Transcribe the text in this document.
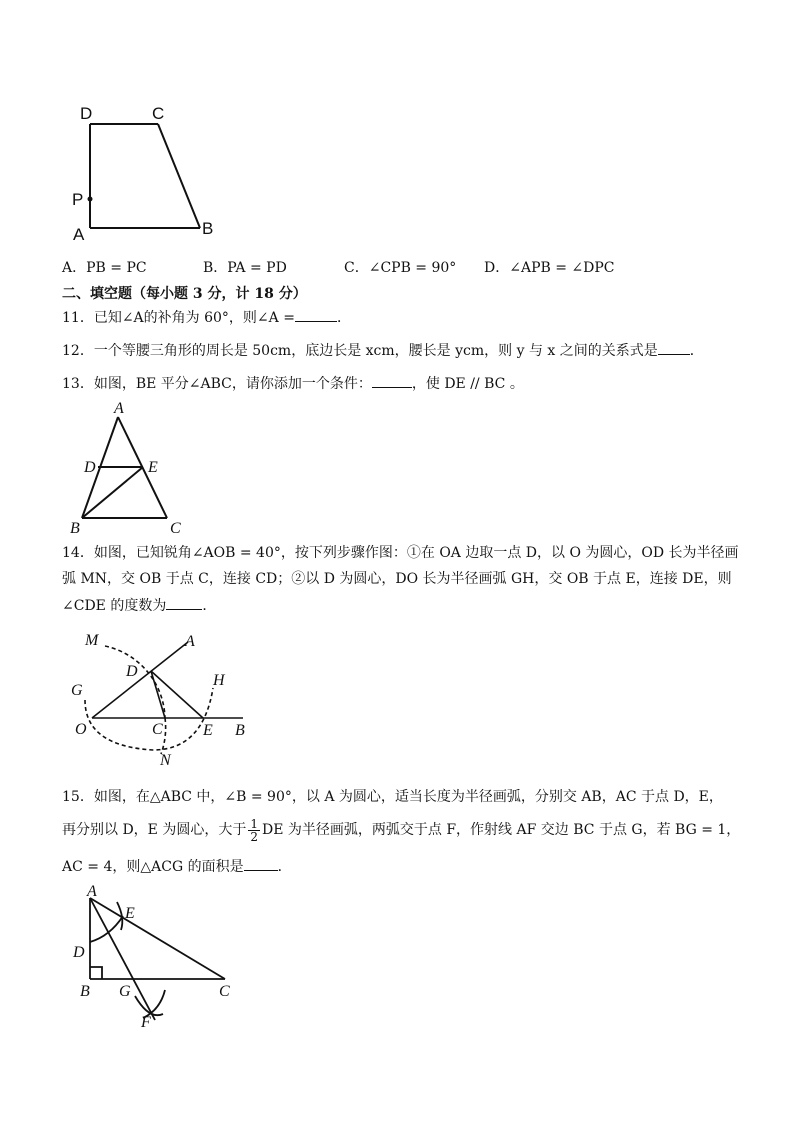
D	C
P
A	B
A．PB = PC	B．PA = PD	C．∠CPB = 90° D．∠APB = ∠DPC
二、填空题（每小题 3 分，计 18 分）
11．已知∠A的补角为 60°，则∠A =	．
12．一个等腰三角形的周长是 50cm，底边长是 xcm，腰长是 ycm，则 y 与 x 之间的关系式是 ．
13．如图，BE 平分∠ABC，请你添加一个条件：	，使 DE // BC 。
A
D	E
B	C
14．如图，已知锐角∠AOB = 40°，按下列步骤作图：①在 OA 边取一点 D，以 O 为圆心，OD 长为半径画
弧 MN，交 OB 于点 C，连接 CD；②以 D 为圆心，DO 长为半径画弧 GH，交 OB 于点 E，连接 DE，则
∠CDE 的度数为	．
M	A
D
H
G
O	C	E B
N
15．如图，在△ABC 中，∠B = 90°，以 A 为圆心，适当长度为半径画弧，分别交 AB，AC 于点 D，E，
再分别以 D，E 为圆心，大于 $\frac{1}{2}$ DE 为半径画弧，两弧交于点 F，作射线 AF 交边 BC 于点 G，若 BG = 1，
AC = 4，则△ACG 的面积是 ．
A
E
D
B G	C
F
